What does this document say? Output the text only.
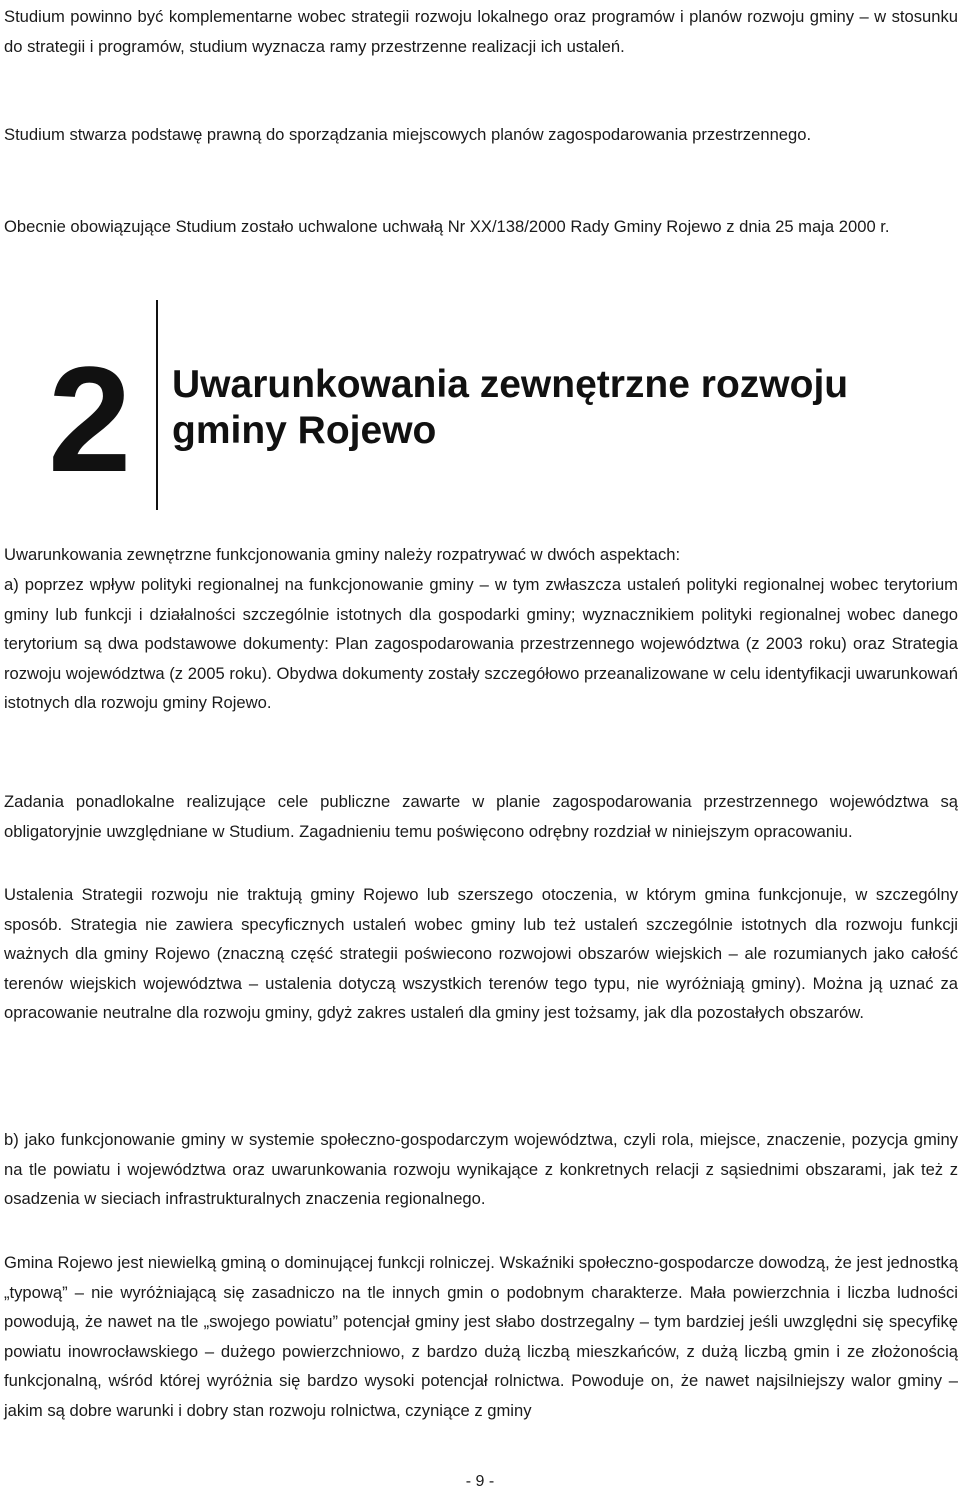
Studium powinno być komplementarne wobec strategii rozwoju lokalnego oraz programów i planów rozwoju gminy – w stosunku do strategii i programów, studium wyznacza ramy przestrzenne realizacji ich ustaleń.

Studium stwarza podstawę prawną do sporządzania miejscowych planów zagospodarowania przestrzennego.

Obecnie obowiązujące Studium zostało uchwalone uchwałą Nr XX/138/2000 Rady Gminy Rojewo z dnia 25 maja 2000 r.

2 Uwarunkowania zewnętrzne rozwoju gminy Rojewo

Uwarunkowania zewnętrzne funkcjonowania gminy należy rozpatrywać w dwóch aspektach:

a) poprzez wpływ polityki regionalnej na funkcjonowanie gminy – w tym zwłaszcza ustaleń polityki regionalnej wobec terytorium gminy lub funkcji i działalności szczególnie istotnych dla gospodarki gminy; wyznacznikiem polityki regionalnej wobec danego terytorium są dwa podstawowe dokumenty: Plan zagospodarowania przestrzennego województwa (z 2003 roku) oraz Strategia rozwoju województwa (z 2005 roku). Obydwa dokumenty zostały szczegółowo przeanalizowane w celu identyfikacji uwarunkowań istotnych dla rozwoju gminy Rojewo.

Zadania ponadlokalne realizujące cele publiczne zawarte w planie zagospodarowania przestrzennego województwa są obligatoryjnie uwzględniane w Studium. Zagadnieniu temu poświęcono odrębny rozdział w niniejszym opracowaniu.

Ustalenia Strategii rozwoju nie traktują gminy Rojewo lub szerszego otoczenia, w którym gmina funkcjonuje, w szczególny sposób. Strategia nie zawiera specyficznych ustaleń wobec gminy lub też ustaleń szczególnie istotnych dla rozwoju funkcji ważnych dla gminy Rojewo (znaczną część strategii poświecono rozwojowi obszarów wiejskich – ale rozumianych jako całość terenów wiejskich województwa – ustalenia dotyczą wszystkich terenów tego typu, nie wyróżniają gminy). Można ją uznać za opracowanie neutralne dla rozwoju gminy, gdyż zakres ustaleń dla gminy jest tożsamy, jak dla pozostałych obszarów.

b) jako funkcjonowanie gminy w systemie społeczno-gospodarczym województwa, czyli rola, miejsce, znaczenie, pozycja gminy na tle powiatu i województwa oraz uwarunkowania rozwoju wynikające z konkretnych relacji z sąsiednimi obszarami, jak też z osadzenia w sieciach infrastrukturalnych znaczenia regionalnego.

Gmina Rojewo jest niewielką gminą o dominującej funkcji rolniczej. Wskaźniki społeczno-gospodarcze dowodzą, że jest jednostką „typową” – nie wyróżniającą się zasadniczo na tle innych gmin o podobnym charakterze. Mała powierzchnia i liczba ludności powodują, że nawet na tle „swojego powiatu” potencjał gminy jest słabo dostrzegalny – tym bardziej jeśli uwzględni się specyfikę powiatu inowrocławskiego – dużego powierzchniowo, z bardzo dużą liczbą mieszkańców, z dużą liczbą gmin i ze złożonością funkcjonalną, wśród której wyróżnia się bardzo wysoki potencjał rolnictwa. Powoduje on, że nawet najsilniejszy walor gminy – jakim są dobre warunki i dobry stan rozwoju rolnictwa, czyniące z gminy

- 9 -
